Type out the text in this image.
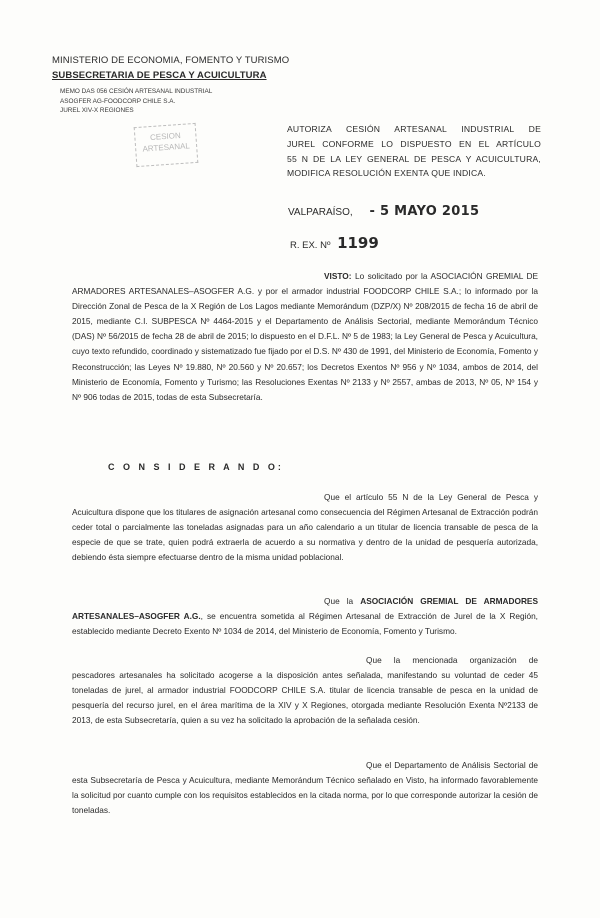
MINISTERIO DE ECONOMIA, FOMENTO Y TURISMO
SUBSECRETARIA DE PESCA Y ACUICULTURA
MEMO DAS 056 CESIÓN ARTESANAL INDUSTRIAL
ASOGFER AG-FOODCORP CHILE S.A.
JUREL XIV-X REGIONES
CESION
ARTESANAL
AUTORIZA CESIÓN ARTESANAL INDUSTRIAL DE
JUREL CONFORME LO DISPUESTO EN EL ARTÍCULO
55 N DE LA LEY GENERAL DE PESCA Y ACUICULTURA,
MODIFICA RESOLUCIÓN EXENTA QUE INDICA.
VALPARAÍSO, - 5 MAYO 2015
R. EX. Nº 1199
VISTO: Lo solicitado por la ASOCIACIÓN GREMIAL DE ARMADORES ARTESANALES–ASOGFER A.G. y por el armador industrial FOODCORP CHILE S.A.; lo informado por la Dirección Zonal de Pesca de la X Región de Los Lagos mediante Memorándum (DZP/X) Nº 208/2015 de fecha 16 de abril de 2015, mediante C.I. SUBPESCA Nº 4464-2015 y el Departamento de Análisis Sectorial, mediante Memorándum Técnico (DAS) Nº 56/2015 de fecha 28 de abril de 2015; lo dispuesto en el D.F.L. Nº 5 de 1983; la Ley General de Pesca y Acuicultura, cuyo texto refundido, coordinado y sistematizado fue fijado por el D.S. Nº 430 de 1991, del Ministerio de Economía, Fomento y Reconstrucción; las Leyes Nº 19.880, Nº 20.560 y Nº 20.657; los Decretos Exentos Nº 956 y Nº 1034, ambos de 2014, del Ministerio de Economía, Fomento y Turismo; las Resoluciones Exentas Nº 2133 y Nº 2557, ambas de 2013, Nº 05, Nº 154 y Nº 906 todas de 2015, todas de esta Subsecretaría.
C O N S I D E R A N D O:
Que el artículo 55 N de la Ley General de Pesca y Acuicultura dispone que los titulares de asignación artesanal como consecuencia del Régimen Artesanal de Extracción podrán ceder total o parcialmente las toneladas asignadas para un año calendario a un titular de licencia transable de pesca de la especie de que se trate, quien podrá extraerla de acuerdo a su normativa y dentro de la unidad de pesquería autorizada, debiendo ésta siempre efectuarse dentro de la misma unidad poblacional.
Que la ASOCIACIÓN GREMIAL DE ARMADORES ARTESANALES–ASOGFER A.G., se encuentra sometida al Régimen Artesanal de Extracción de Jurel de la X Región, establecido mediante Decreto Exento Nº 1034 de 2014, del Ministerio de Economía, Fomento y Turismo.
Que la mencionada organización de pescadores artesanales ha solicitado acogerse a la disposición antes señalada, manifestando su voluntad de ceder 45 toneladas de jurel, al armador industrial FOODCORP CHILE S.A. titular de licencia transable de pesca en la unidad de pesquería del recurso jurel, en el área marítima de la XIV y X Regiones, otorgada mediante Resolución Exenta Nº2133 de 2013, de esta Subsecretaría, quien a su vez ha solicitado la aprobación de la señalada cesión.
Que el Departamento de Análisis Sectorial de esta Subsecretaría de Pesca y Acuicultura, mediante Memorándum Técnico señalado en Visto, ha informado favorablemente la solicitud por cuanto cumple con los requisitos establecidos en la citada norma, por lo que corresponde autorizar la cesión de toneladas.
